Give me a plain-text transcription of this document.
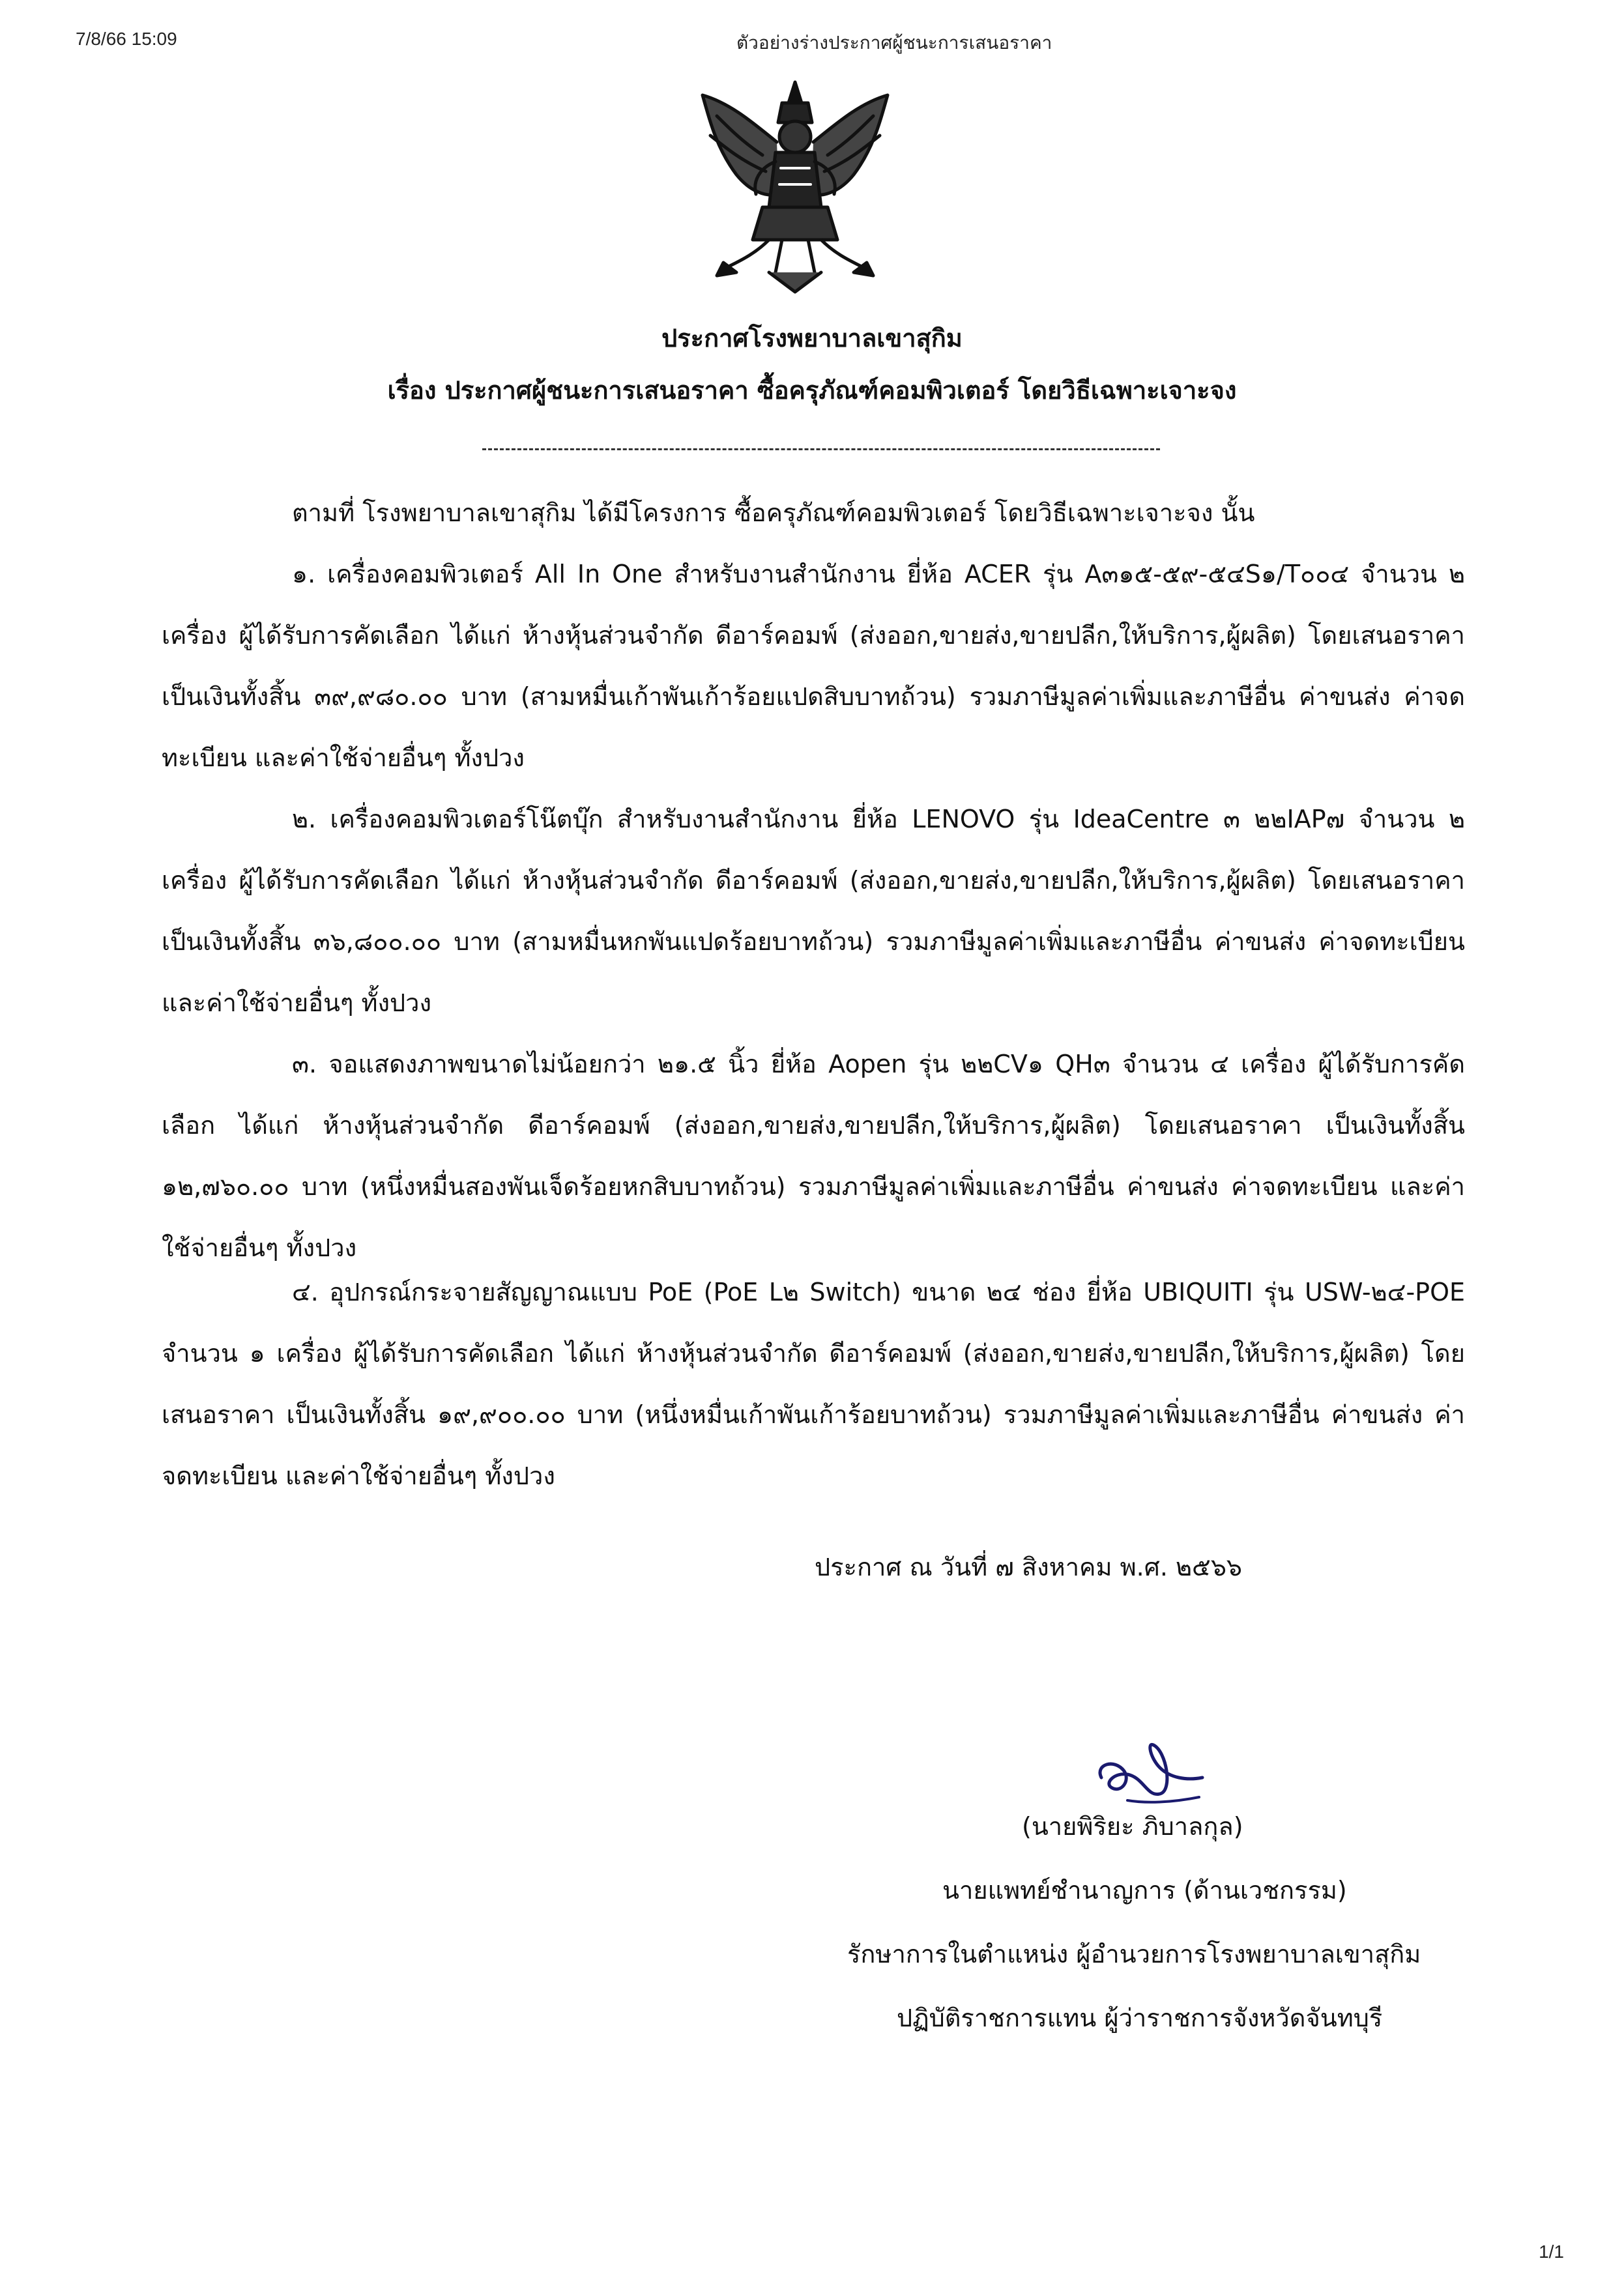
7/8/66 15:09	ตัวอย่างร่างประกาศผู้ชนะการเสนอราคา
ประกาศโรงพยาบาลเขาสุกิม
เรื่อง ประกาศผู้ชนะการเสนอราคา ซื้อครุภัณฑ์คอมพิวเตอร์ โดยวิธีเฉพาะเจาะจง
ตามที่ โรงพยาบาลเขาสุกิม ได้มีโครงการ ซื้อครุภัณฑ์คอมพิวเตอร์ โดยวิธีเฉพาะเจาะจง นั้น
๑. เครื่องคอมพิวเตอร์ All In One สำหรับงานสำนักงาน ยี่ห้อ ACER รุ่น A๓๑๕-๕๙-๕๔S๑/T๐๐๔ จำนวน ๒ เครื่อง ผู้ได้รับการคัดเลือก ได้แก่ ห้างหุ้นส่วนจำกัด ดีอาร์คอมพ์ (ส่งออก,ขายส่ง,ขายปลีก,ให้บริการ,ผู้ผลิต) โดยเสนอราคา เป็นเงินทั้งสิ้น ๓๙,๙๘๐.๐๐ บาท (สามหมื่นเก้าพันเก้าร้อยแปดสิบบาทถ้วน) รวมภาษีมูลค่าเพิ่มและภาษีอื่น ค่าขนส่ง ค่าจดทะเบียน และค่าใช้จ่ายอื่นๆ ทั้งปวง
๒. เครื่องคอมพิวเตอร์โน๊ตบุ๊ก สำหรับงานสำนักงาน ยี่ห้อ LENOVO รุ่น IdeaCentre ๓ ๒๒IAP๗ จำนวน ๒ เครื่อง ผู้ได้รับการคัดเลือก ได้แก่ ห้างหุ้นส่วนจำกัด ดีอาร์คอมพ์ (ส่งออก,ขายส่ง,ขายปลีก,ให้บริการ,ผู้ผลิต) โดยเสนอราคา เป็นเงินทั้งสิ้น ๓๖,๘๐๐.๐๐ บาท (สามหมื่นหกพันแปดร้อยบาทถ้วน) รวมภาษีมูลค่าเพิ่มและภาษีอื่น ค่าขนส่ง ค่าจดทะเบียน และค่าใช้จ่ายอื่นๆ ทั้งปวง
๓. จอแสดงภาพขนาดไม่น้อยกว่า ๒๑.๕ นิ้ว ยี่ห้อ Aopen รุ่น ๒๒CV๑ QH๓ จำนวน ๔ เครื่อง ผู้ได้รับการคัดเลือก ได้แก่ ห้างหุ้นส่วนจำกัด ดีอาร์คอมพ์ (ส่งออก,ขายส่ง,ขายปลีก,ให้บริการ,ผู้ผลิต) โดยเสนอราคา เป็นเงินทั้งสิ้น ๑๒,๗๖๐.๐๐ บาท (หนึ่งหมื่นสองพันเจ็ดร้อยหกสิบบาทถ้วน) รวมภาษีมูลค่าเพิ่มและภาษีอื่น ค่าขนส่ง ค่าจดทะเบียน และค่าใช้จ่ายอื่นๆ ทั้งปวง
๔. อุปกรณ์กระจายสัญญาณแบบ PoE (PoE L๒ Switch) ขนาด ๒๔ ช่อง ยี่ห้อ UBIQUITI รุ่น USW-๒๔-POE จำนวน ๑ เครื่อง ผู้ได้รับการคัดเลือก ได้แก่ ห้างหุ้นส่วนจำกัด ดีอาร์คอมพ์ (ส่งออก,ขายส่ง,ขายปลีก,ให้บริการ,ผู้ผลิต) โดยเสนอราคา เป็นเงินทั้งสิ้น ๑๙,๙๐๐.๐๐ บาท (หนึ่งหมื่นเก้าพันเก้าร้อยบาทถ้วน) รวมภาษีมูลค่าเพิ่มและภาษีอื่น ค่าขนส่ง ค่าจดทะเบียน และค่าใช้จ่ายอื่นๆ ทั้งปวง
ประกาศ ณ วันที่ ๗ สิงหาคม พ.ศ. ๒๕๖๖
(นายพิริยะ ภิบาลกุล)
นายแพทย์ชำนาญการ (ด้านเวชกรรม)
รักษาการในตำแหน่ง ผู้อำนวยการโรงพยาบาลเขาสุกิม
ปฏิบัติราชการแทน ผู้ว่าราชการจังหวัดจันทบุรี
1/1
